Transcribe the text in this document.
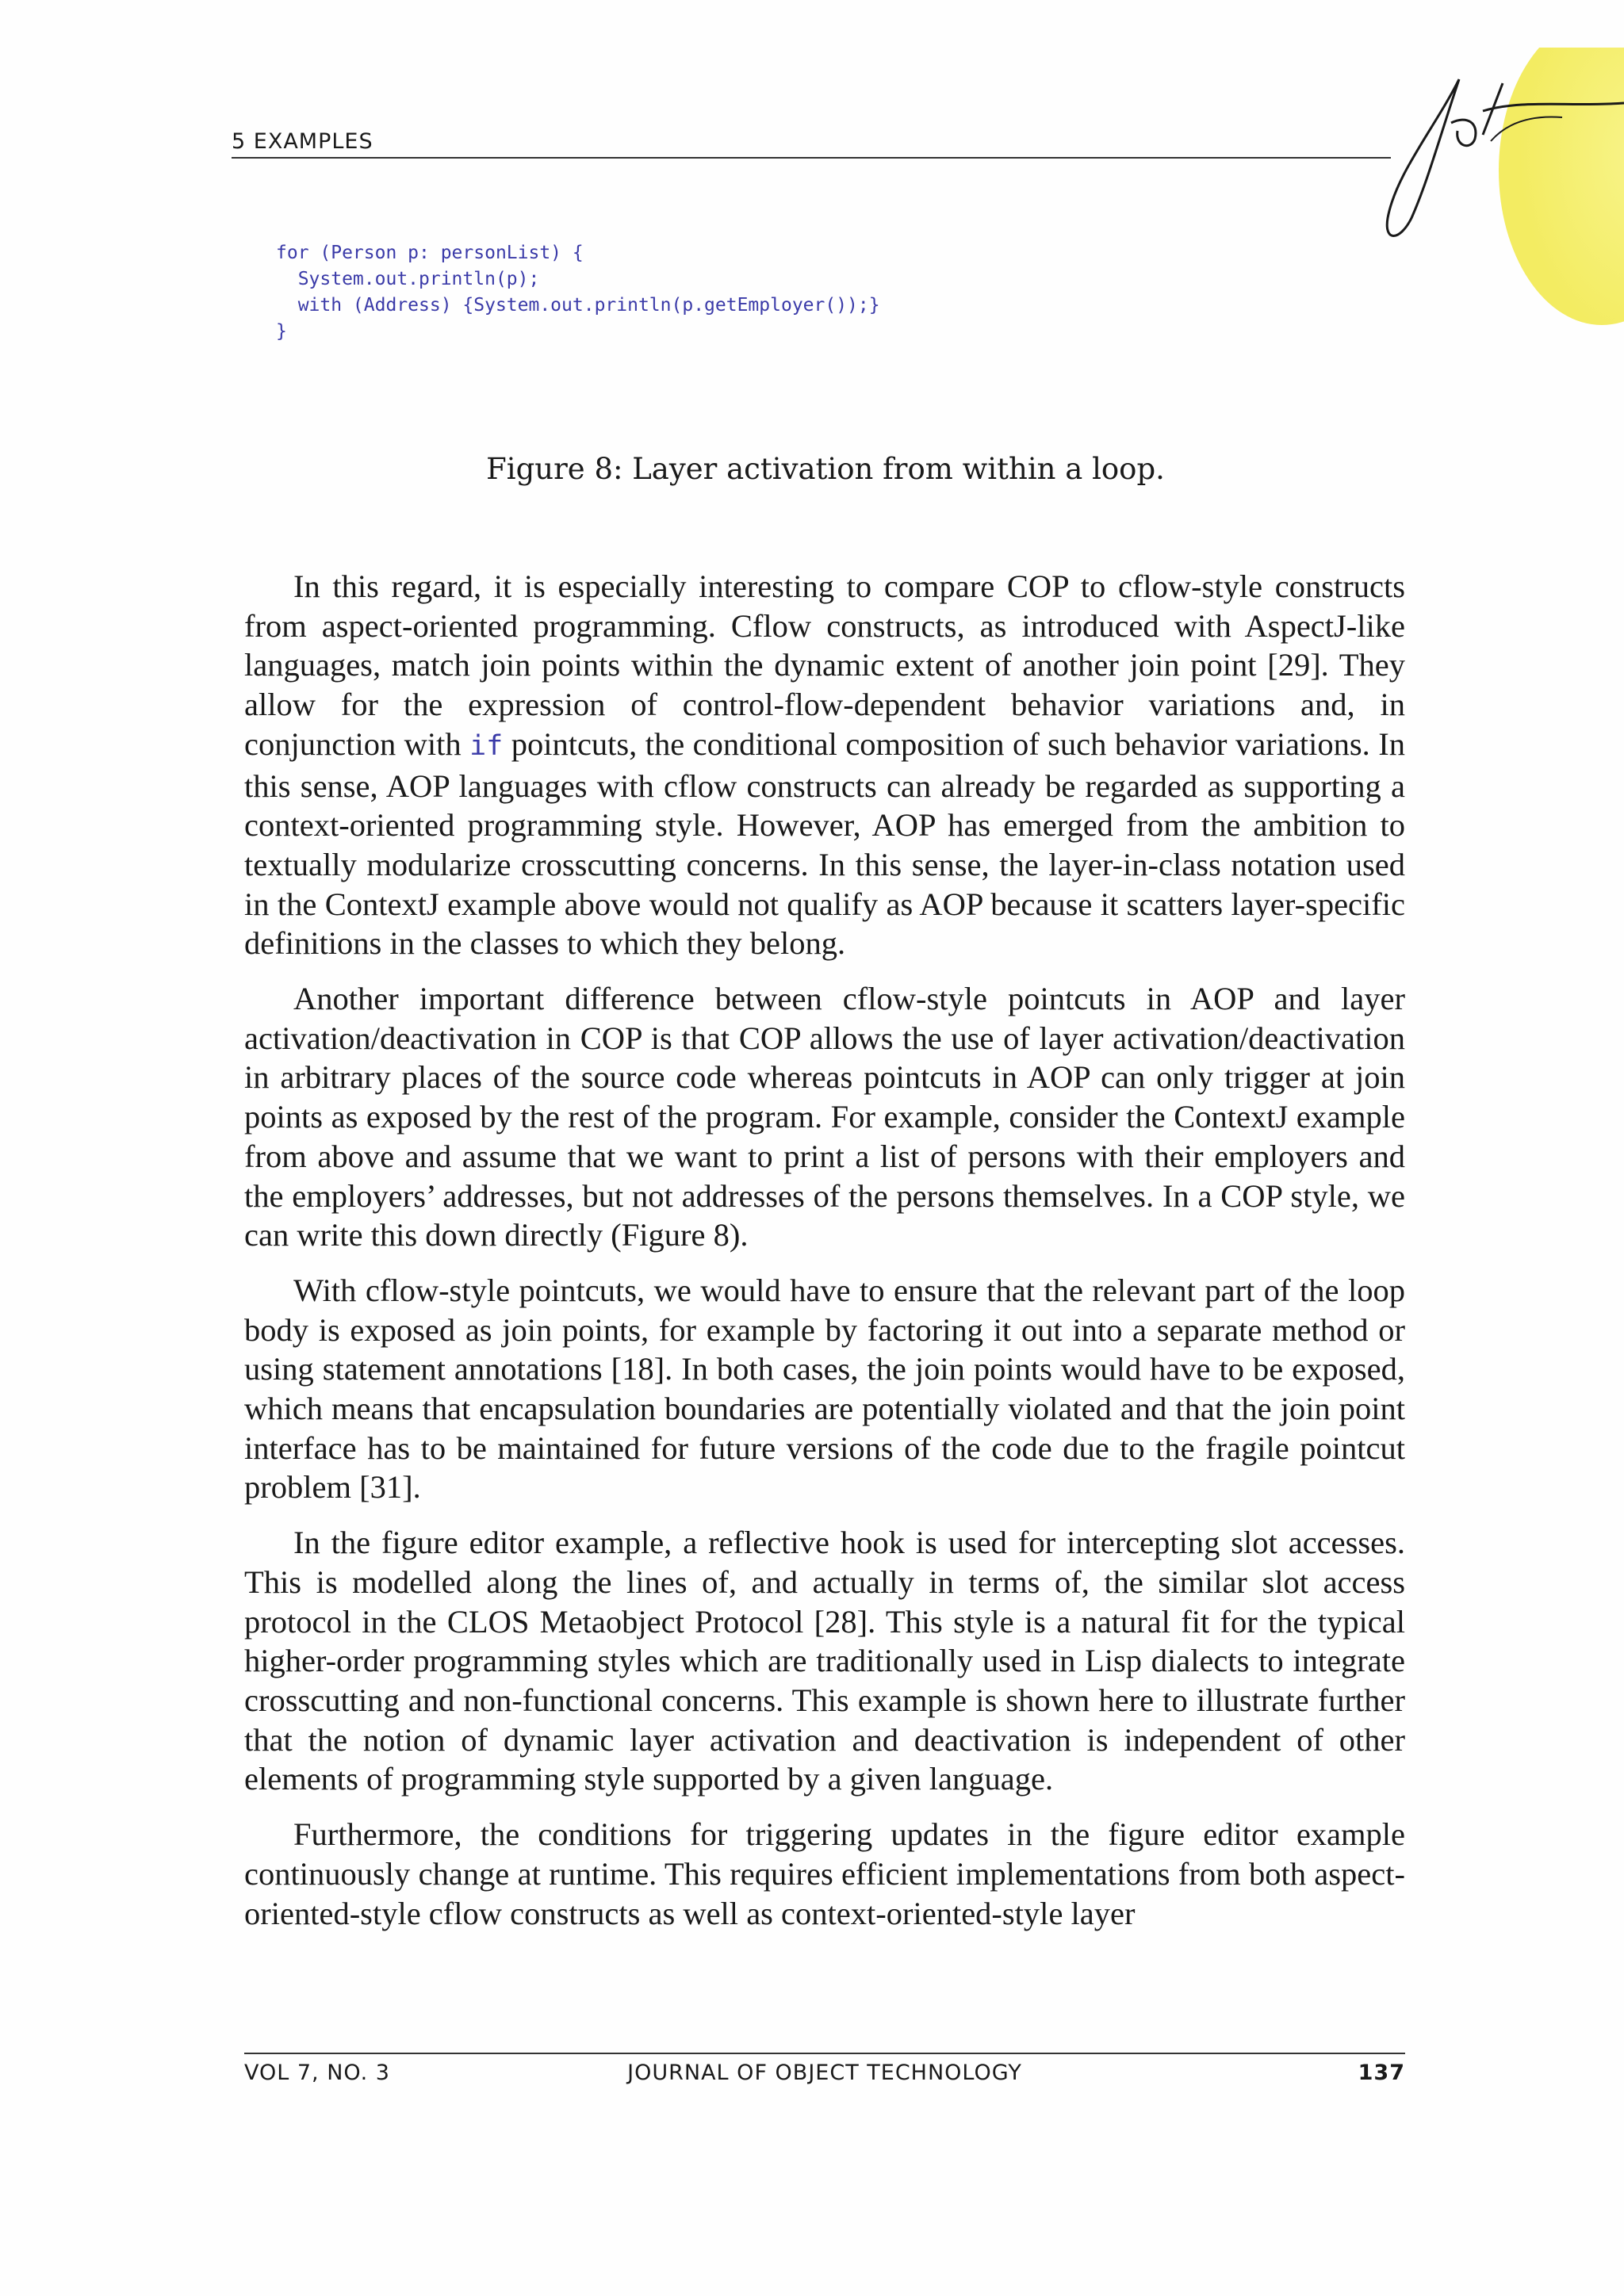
5 EXAMPLES
for (Person p: personList) {
System.out.println(p);
with (Address) {System.out.println(p.getEmployer());}
}
Figure 8: Layer activation from within a loop.

In this regard, it is especially interesting to compare COP to cflow-style constructs from aspect-oriented programming. Cflow constructs, as introduced with AspectJ-like languages, match join points within the dynamic extent of another join point [29]. They allow for the expression of control-flow-dependent behavior variations and, in conjunction with if pointcuts, the conditional composition of such behavior variations. In this sense, AOP languages with cflow constructs can already be regarded as supporting a context-oriented programming style. However, AOP has emerged from the ambition to textually modularize crosscutting concerns. In this sense, the layer-in-class notation used in the ContextJ example above would not qualify as AOP because it scatters layer-specific definitions in the classes to which they belong.

Another important difference between cflow-style pointcuts in AOP and layer activation/deactivation in COP is that COP allows the use of layer activation/deactivation in arbitrary places of the source code whereas pointcuts in AOP can only trigger at join points as exposed by the rest of the program. For example, consider the ContextJ example from above and assume that we want to print a list of persons with their employers and the employers’ addresses, but not addresses of the persons themselves. In a COP style, we can write this down directly (Figure 8).

With cflow-style pointcuts, we would have to ensure that the relevant part of the loop body is exposed as join points, for example by factoring it out into a separate method or using statement annotations [18]. In both cases, the join points would have to be exposed, which means that encapsulation boundaries are potentially violated and that the join point interface has to be maintained for future versions of the code due to the fragile pointcut problem [31].

In the figure editor example, a reflective hook is used for intercepting slot accesses. This is modelled along the lines of, and actually in terms of, the similar slot access protocol in the CLOS Metaobject Protocol [28]. This style is a natural fit for the typical higher-order programming styles which are traditionally used in Lisp dialects to integrate crosscutting and non-functional concerns. This example is shown here to illustrate further that the notion of dynamic layer activation and deactivation is independent of other elements of programming style supported by a given language.

Furthermore, the conditions for triggering updates in the figure editor example continuously change at runtime. This requires efficient implementations from both aspect-oriented-style cflow constructs as well as context-oriented-style layer

VOL 7, NO. 3	JOURNAL OF OBJECT TECHNOLOGY	137
